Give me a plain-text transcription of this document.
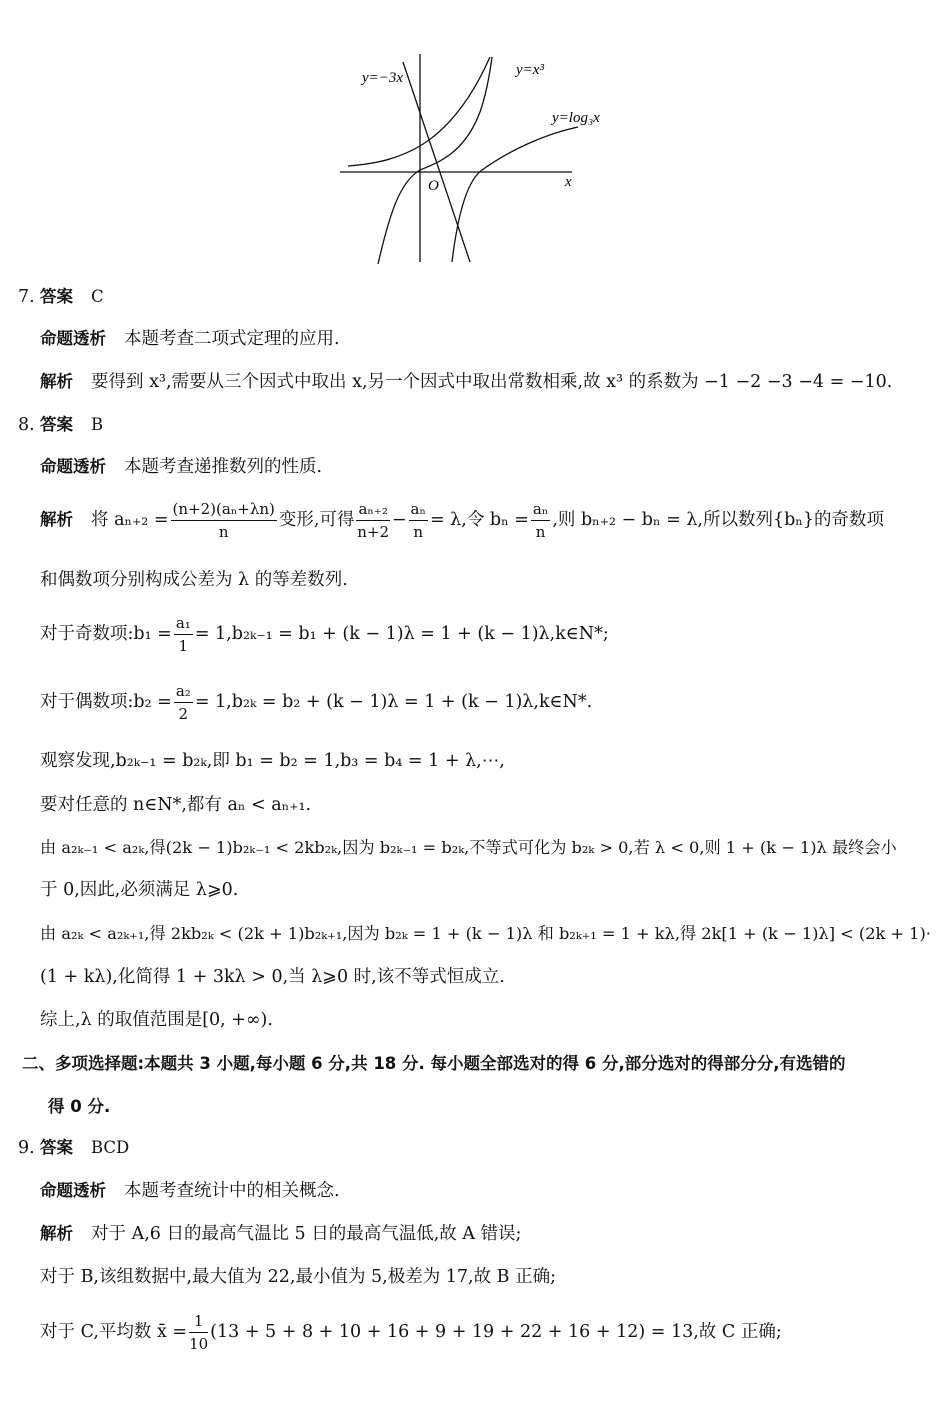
y=−3x	y=x³
y=log₃x
O	x
7. 答案 C
命题透析 本题考查二项式定理的应用.
解析 要得到 x³,需要从三个因式中取出 x,另一个因式中取出常数相乘,故 x³ 的系数为 −1 −2 −3 −4 = −10.
8. 答案 B
命题透析 本题考查递推数列的性质.
解析 将 $a_{n+2} = \frac{\text{(n+2)(aₙ+λn)}}{n}$ 变形,可得 $\frac{\text{aₙ₊₂}}{n+2} - \frac{\text{aₙ}}{n} = \lambda$,令 $b_n = \frac{\text{aₙ}}{n}$ ,则 bₙ₊₂ − bₙ = λ,所以数列{bₙ}的奇数项
和偶数项分别构成公差为 λ 的等差数列.
对于奇数项:b₁ = $\frac{\text{a₁}}{1} = 1,b_{2k-1} = b_1 + (k - 1)\lambda = 1 + (k$ − 1)λ,k∈N*;
对于偶数项:b₂ = $\frac{\text{a₂}}{2} = 1,b_{2k} = b_2 + (k - 1)\lambda = 1 + (k$ − 1)λ,k∈N*.
观察发现,b₂ₖ₋₁ = b₂ₖ,即 b₁ = b₂ = 1,b₃ = b₄ = 1 + λ,⋯,
要对任意的 n∈N*,都有 aₙ < aₙ₊₁.
由 a₂ₖ₋₁ < a₂ₖ,得(2k − 1)b₂ₖ₋₁ < 2kb₂ₖ,因为 b₂ₖ₋₁ = b₂ₖ,不等式可化为 b₂ₖ > 0,若 λ < 0,则 1 + (k − 1)λ 最终会小
于 0,因此,必须满足 λ⩾0.
由 a₂ₖ < a₂ₖ₊₁,得 2kb₂ₖ < (2k + 1)b₂ₖ₊₁,因为 b₂ₖ = 1 + (k − 1)λ 和 b₂ₖ₊₁ = 1 + kλ,得 2k[1 + (k − 1)λ] < (2k + 1)·
(1 + kλ),化简得 1 + 3kλ > 0,当 λ⩾0 时,该不等式恒成立.
综上,λ 的取值范围是[0, +∞).
二、多项选择题:本题共 3 小题,每小题 6 分,共 18 分. 每小题全部选对的得 6 分,部分选对的得部分分,有选错的
得 0 分.
9. 答案 BCD
命题透析 本题考查统计中的相关概念.
解析 对于 A,6 日的最高气温比 5 日的最高气温低,故 A 错误;
对于 B,该组数据中,最大值为 22,最小值为 5,极差为 17,故 B 正确;
对于 C,平均数 x̄ = $\frac{1}{10} (13 + 5 + 8 + 10 + 16 + 9 + 19 + 22 + 16 + 12) = 13$,故 C 正确;
